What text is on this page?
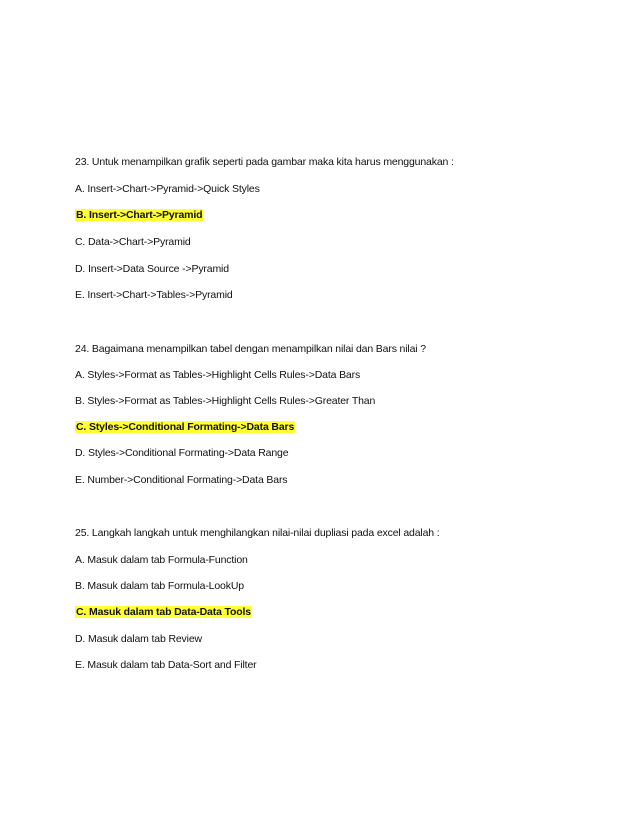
23. Untuk menampilkan grafik seperti pada gambar maka kita harus menggunakan :
A. Insert->Chart->Pyramid->Quick Styles
B. Insert->Chart->Pyramid
C. Data->Chart->Pyramid
D. Insert->Data Source ->Pyramid
E. Insert->Chart->Tables->Pyramid
24. Bagaimana menampilkan tabel dengan menampilkan nilai dan Bars nilai ?
A. Styles->Format as Tables->Highlight Cells Rules->Data Bars
B. Styles->Format as Tables->Highlight Cells Rules->Greater Than
C. Styles->Conditional Formating->Data Bars
D. Styles->Conditional Formating->Data Range
E. Number->Conditional Formating->Data Bars
25. Langkah langkah untuk menghilangkan nilai-nilai dupliasi pada excel adalah :
A. Masuk dalam tab Formula-Function
B. Masuk dalam tab Formula-LookUp
C. Masuk dalam tab Data-Data Tools
D. Masuk dalam tab Review
E. Masuk dalam tab Data-Sort and Filter
